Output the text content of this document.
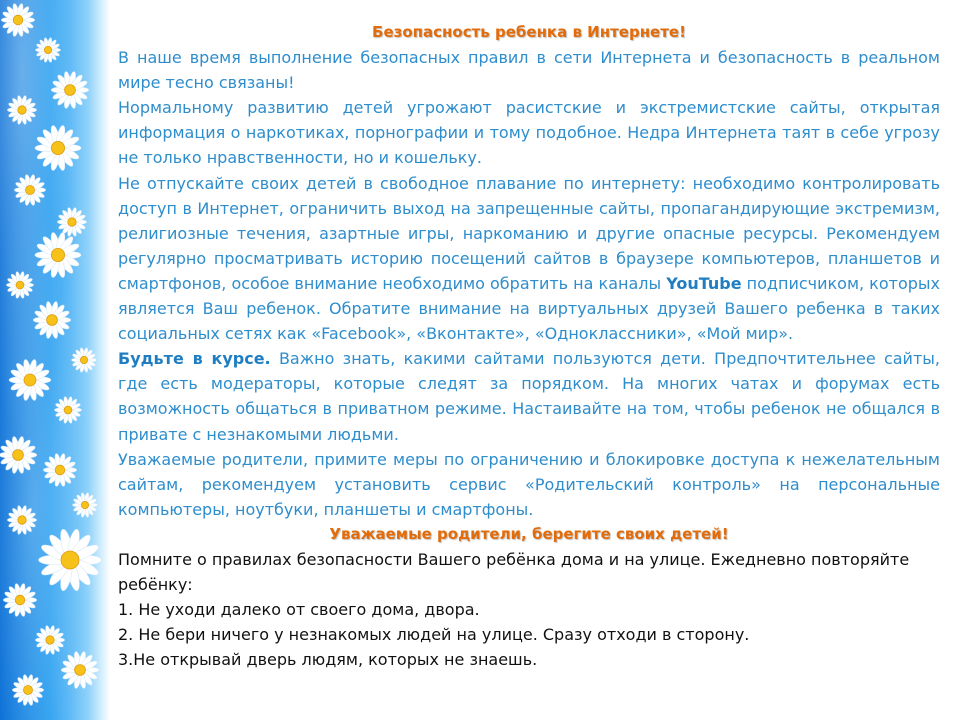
Безопасность ребенка в Интернете!

В наше время выполнение безопасных правил в сети Интернета и безопасность в реальном мире тесно связаны!

Нормальному развитию детей угрожают расистские и экстремистские сайты, открытая информация о наркотиках, порнографии и тому подобное. Недра Интернета таят в себе угрозу не только нравственности, но и кошельку.

Не отпускайте своих детей в свободное плавание по интернету: необходимо контролировать доступ в Интернет, ограничить выход на запрещенные сайты, пропагандирующие экстремизм, религиозные течения, азартные игры, наркоманию и другие опасные ресурсы. Рекомендуем регулярно просматривать историю посещений сайтов в браузере компьютеров, планшетов и смартфонов, особое внимание необходимо обратить на каналы YouTube подписчиком, которых является Ваш ребенок. Обратите внимание на виртуальных друзей Вашего ребенка в таких социальных сетях как «Facebook», «Вконтакте», «Одноклассники», «Мой мир».

Будьте в курсе. Важно знать, какими сайтами пользуются дети. Предпочтительнее сайты, где есть модераторы, которые следят за порядком. На многих чатах и форумах есть возможность общаться в приватном режиме. Настаивайте на том, чтобы ребенок не общался в привате с незнакомыми людьми.

Уважаемые родители, примите меры по ограничению и блокировке доступа к нежелательным сайтам, рекомендуем установить сервис «Родительский контроль» на персональные компьютеры, ноутбуки, планшеты и смартфоны.

Уважаемые родители, берегите своих детей!

Помните о правилах безопасности Вашего ребёнка дома и на улице. Ежедневно повторяйте ребёнку:

1. Не уходи далеко от своего дома, двора.

2. Не бери ничего у незнакомых людей на улице. Сразу отходи в сторону.

3.Не открывай дверь людям, которых не знаешь.
